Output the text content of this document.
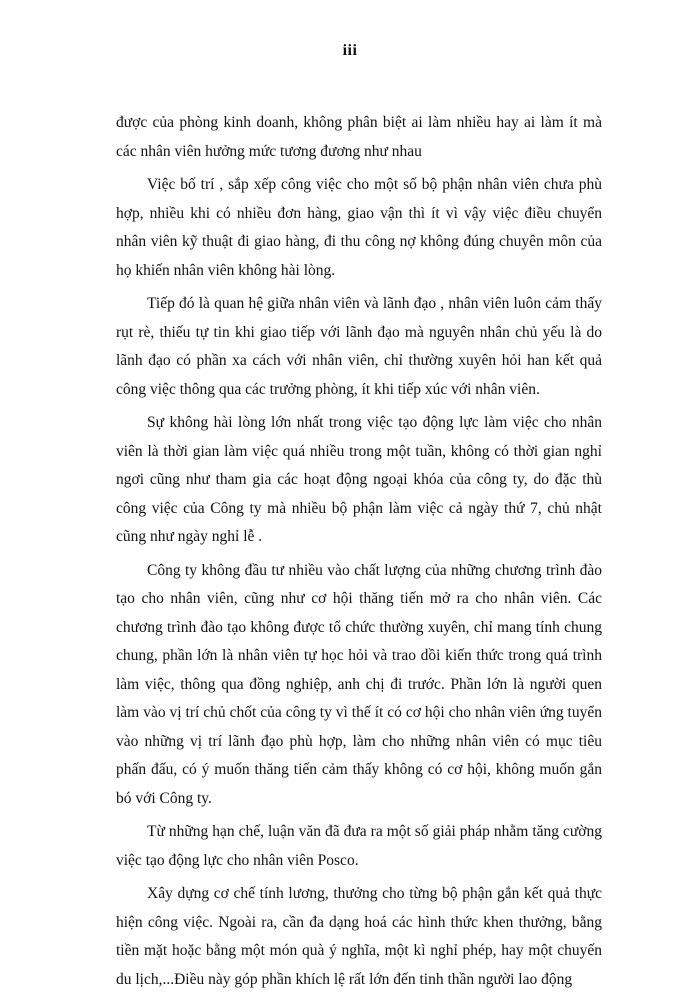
iii

được của phòng kinh doanh, không phân biệt ai làm nhiều hay ai làm ít mà các nhân viên hưởng mức tương đương như nhau

Việc bố trí , sắp xếp công việc cho một số bộ phận nhân viên chưa phù hợp, nhiều khi có nhiều đơn hàng, giao vận thì ít vì vậy việc điều chuyển nhân viên kỹ thuật đi giao hàng, đi thu công nợ không đúng chuyên môn của họ khiến nhân viên không hài lòng.

Tiếp đó là quan hệ giữa nhân viên và lãnh đạo , nhân viên luôn cảm thấy rụt rè, thiếu tự tin khi giao tiếp với lãnh đạo mà nguyên nhân chủ yếu là do lãnh đạo có phần xa cách với nhân viên, chỉ thường xuyên hỏi han kết quả công việc thông qua các trưởng phòng, ít khi tiếp xúc với nhân viên.

Sự không hài lòng lớn nhất trong việc tạo động lực làm việc cho nhân viên là thời gian làm việc quá nhiều trong một tuần, không có thời gian nghỉ ngơi cũng như tham gia các hoạt động ngoại khóa của công ty, do đặc thù công việc của Công ty mà nhiều bộ phận làm việc cả ngày thứ 7, chủ nhật cũng như ngày nghỉ lễ .

Công ty không đầu tư nhiều vào chất lượng của những chương trình đào tạo cho nhân viên, cũng như cơ hội thăng tiến mở ra cho nhân viên. Các chương trình đào tạo không được tổ chức thường xuyên, chỉ mang tính chung chung, phần lớn là nhân viên tự học hỏi và trao dồi kiến thức trong quá trình làm việc, thông qua đồng nghiệp, anh chị đi trước. Phần lớn là người quen làm vào vị trí chủ chốt của công ty vì thế ít có cơ hội cho nhân viên ứng tuyển vào những vị trí lãnh đạo phù hợp, làm cho những nhân viên có mục tiêu phấn đấu, có ý muốn thăng tiến cảm thấy không có cơ hội, không muốn gắn bó với Công ty.

Từ những hạn chế, luận văn đã đưa ra một số giải pháp nhằm tăng cường việc tạo động lực cho nhân viên Posco.

Xây dựng cơ chế tính lương, thưởng cho từng bộ phận gắn kết quả thực hiện công việc. Ngoài ra, cần đa dạng hoá các hình thức khen thưởng, bằng tiền mặt hoặc bằng một món quà ý nghĩa, một kì nghỉ phép, hay một chuyến du lịch,...Điều này góp phần khích lệ rất lớn đến tinh thần người lao động
